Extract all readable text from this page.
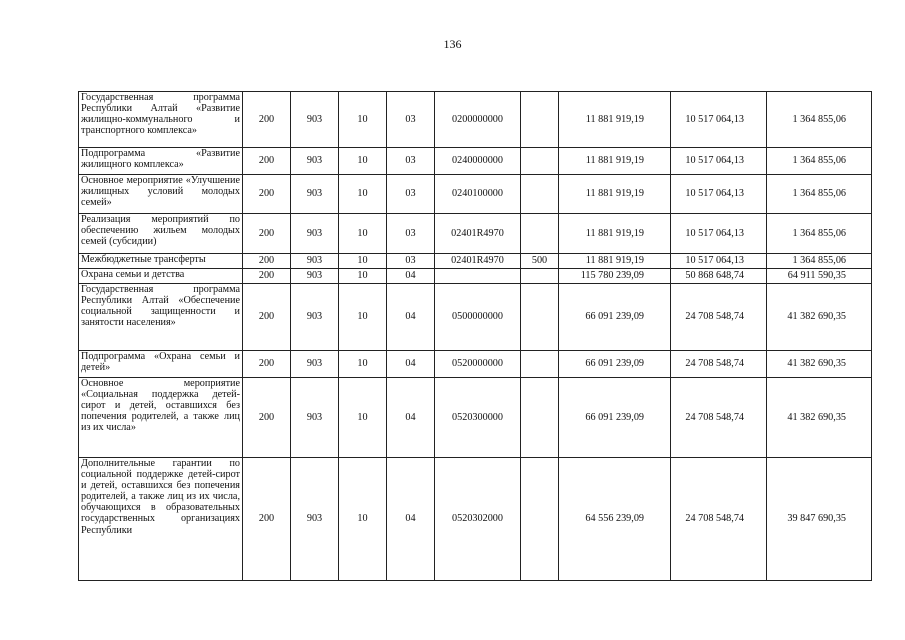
136
Государственная программа Республики Алтай «Развитие жилищно-коммунального и транспортного комплекса»	200	903	10	03	0200000000		11 881 919,19	10 517 064,13	1 364 855,06
Подпрограмма «Развитие жилищного комплекса»	200	903	10	03	0240000000		11 881 919,19	10 517 064,13	1 364 855,06
Основное мероприятие «Улучшение жилищных условий молодых семей»	200	903	10	03	0240100000		11 881 919,19	10 517 064,13	1 364 855,06
Реализация мероприятий по обеспечению жильем молодых семей (субсидии)	200	903	10	03	02401R4970		11 881 919,19	10 517 064,13	1 364 855,06
Межбюджетные трансферты	200	903	10	03	02401R4970	500	11 881 919,19	10 517 064,13	1 364 855,06
Охрана семьи и детства	200	903	10	04			115 780 239,09	50 868 648,74	64 911 590,35
Государственная программа Республики Алтай «Обеспечение социальной защищенности и занятости населения»	200	903	10	04	0500000000		66 091 239,09	24 708 548,74	41 382 690,35
Подпрограмма «Охрана семьи и детей»	200	903	10	04	0520000000		66 091 239,09	24 708 548,74	41 382 690,35
Основное мероприятие «Социальная поддержка детей-сирот и детей, оставшихся без попечения родителей, а также лиц из их числа»	200	903	10	04	0520300000		66 091 239,09	24 708 548,74	41 382 690,35
Дополнительные гарантии по социальной поддержке детей-сирот и детей, оставшихся без попечения родителей, а также лиц из их числа, обучающихся в образовательных государственных организациях Республики	200	903	10	04	0520302000		64 556 239,09	24 708 548,74	39 847 690,35
